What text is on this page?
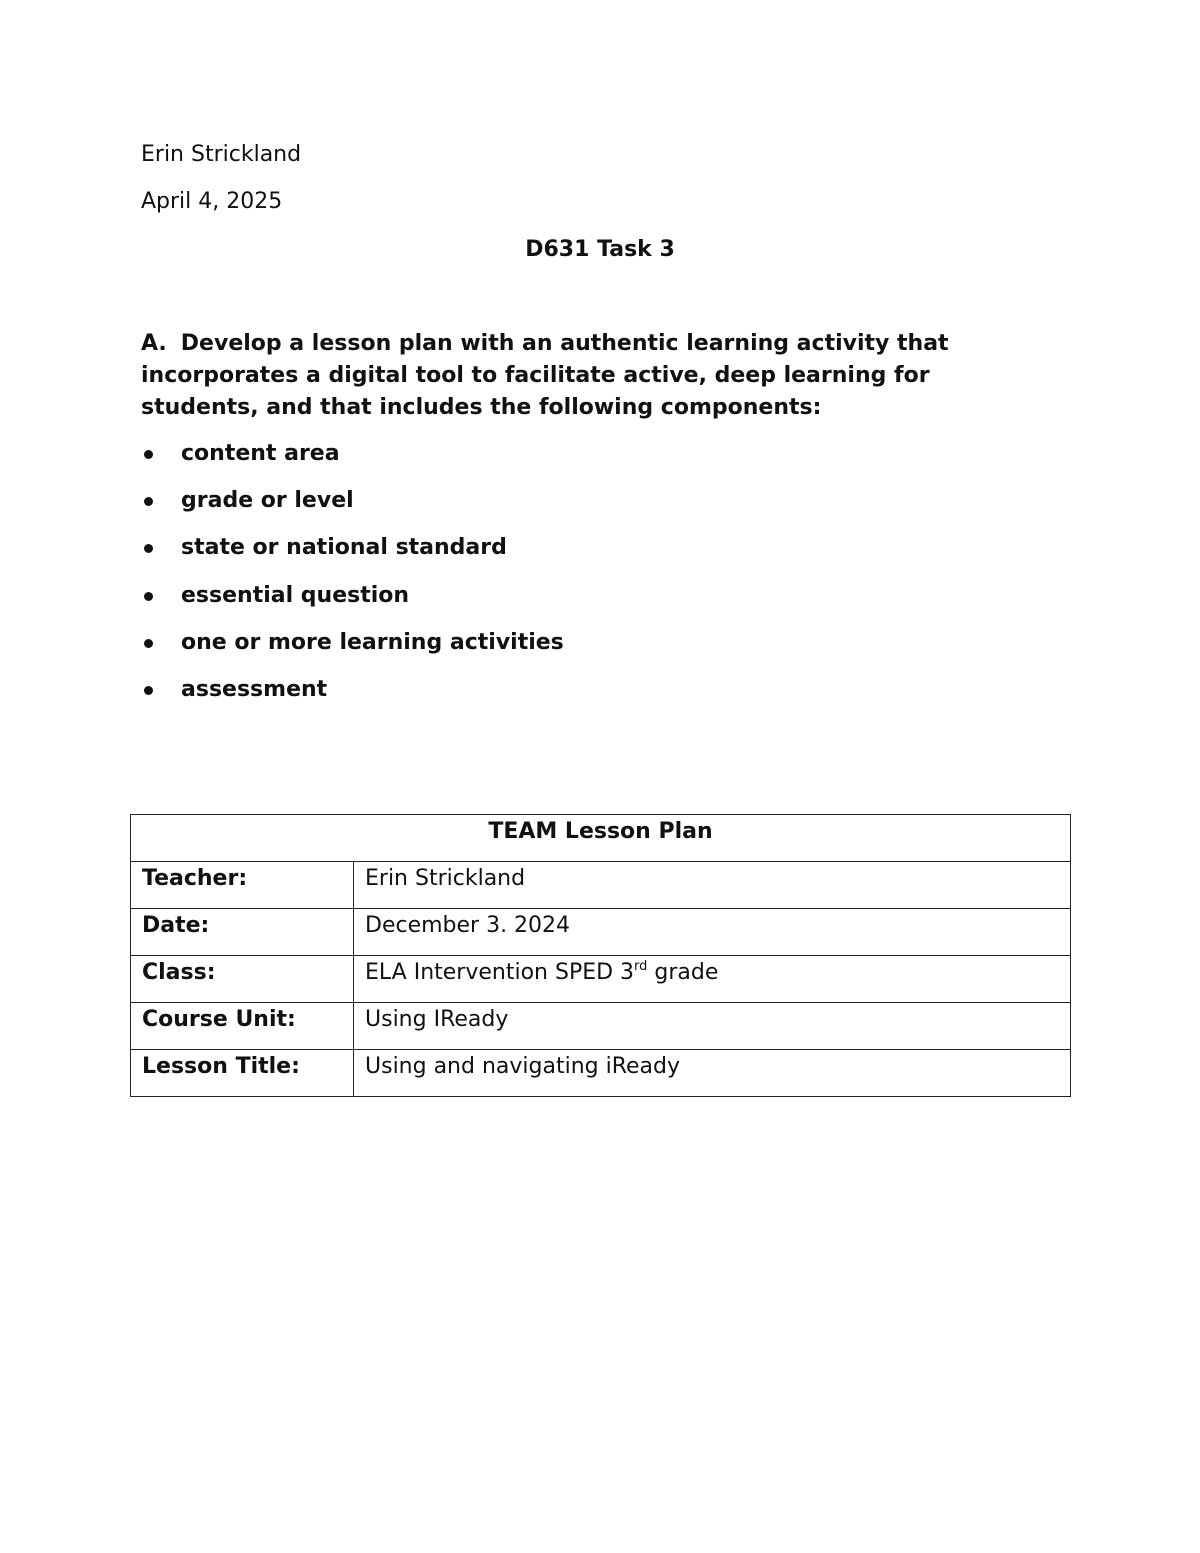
Erin Strickland
April 4, 2025
D631 Task 3
A. Develop a lesson plan with an authentic learning activity that incorporates a digital tool to facilitate active, deep learning for students, and that includes the following components:
content area
grade or level
state or national standard
essential question
one or more learning activities
assessment
TEAM Lesson Plan	
Teacher:	Erin Strickland
Date:	December 3. 2024
Class:	ELA Intervention SPED 3rd grade
Course Unit:	Using IReady
Lesson Title:	Using and navigating iReady
